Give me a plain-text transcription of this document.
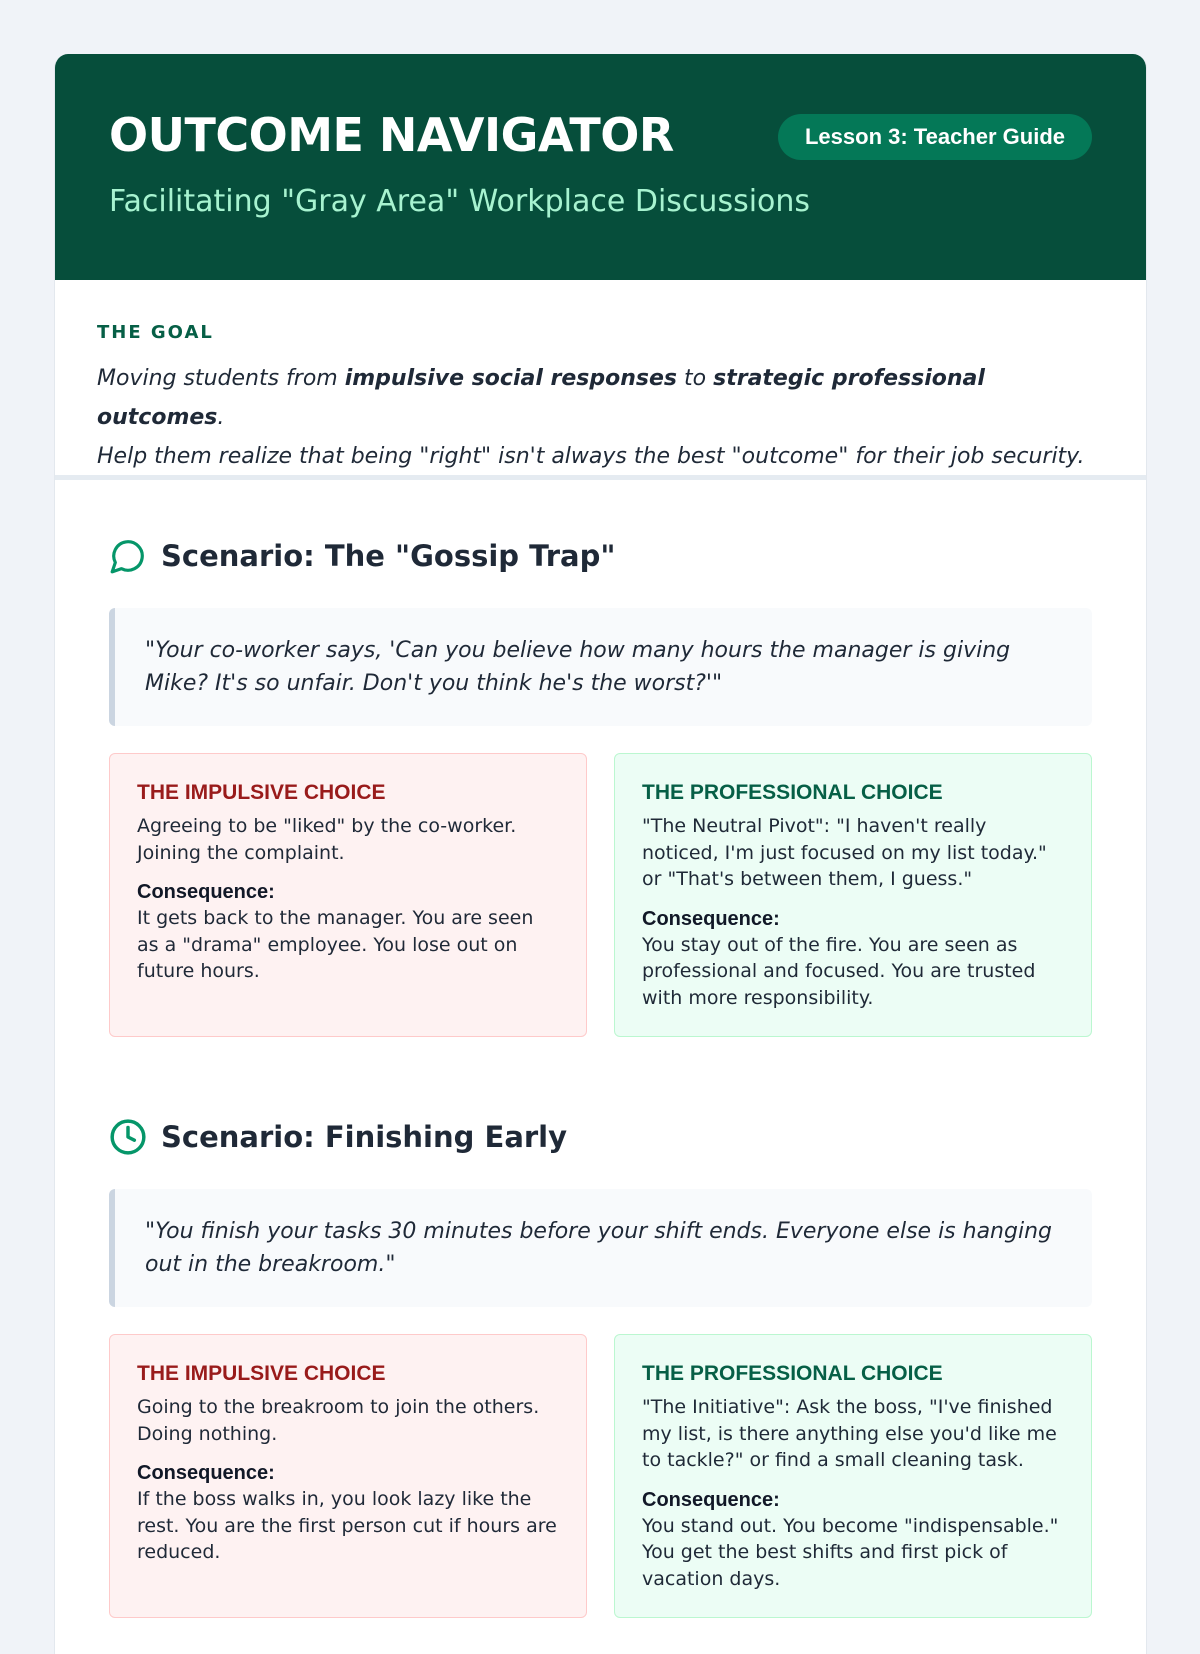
OUTCOME NAVIGATOR	Lesson 3: Teacher Guide
Facilitating "Gray Area" Workplace Discussions
THE GOAL
Moving students from impulsive social responses to strategic professional outcomes.
Help them realize that being "right" isn't always the best "outcome" for their job security.
Scenario: The "Gossip Trap"
"Your co-worker says, 'Can you believe how many hours the manager is giving Mike? It's so unfair. Don't you think he's the worst?'"
THE IMPULSIVE CHOICE
Agreeing to be "liked" by the co-worker. Joining the complaint.
Consequence:
It gets back to the manager. You are seen as a "drama" employee. You lose out on future hours.
THE PROFESSIONAL CHOICE
"The Neutral Pivot": "I haven't really noticed, I'm just focused on my list today." or "That's between them, I guess."
Consequence:
You stay out of the fire. You are seen as professional and focused. You are trusted with more responsibility.
Scenario: Finishing Early
"You finish your tasks 30 minutes before your shift ends. Everyone else is hanging out in the breakroom."
THE IMPULSIVE CHOICE
Going to the breakroom to join the others. Doing nothing.
Consequence:
If the boss walks in, you look lazy like the rest. You are the first person cut if hours are reduced.
THE PROFESSIONAL CHOICE
"The Initiative": Ask the boss, "I've finished my list, is there anything else you'd like me to tackle?" or find a small cleaning task.
Consequence:
You stand out. You become "indispensable." You get the best shifts and first pick of vacation days.
